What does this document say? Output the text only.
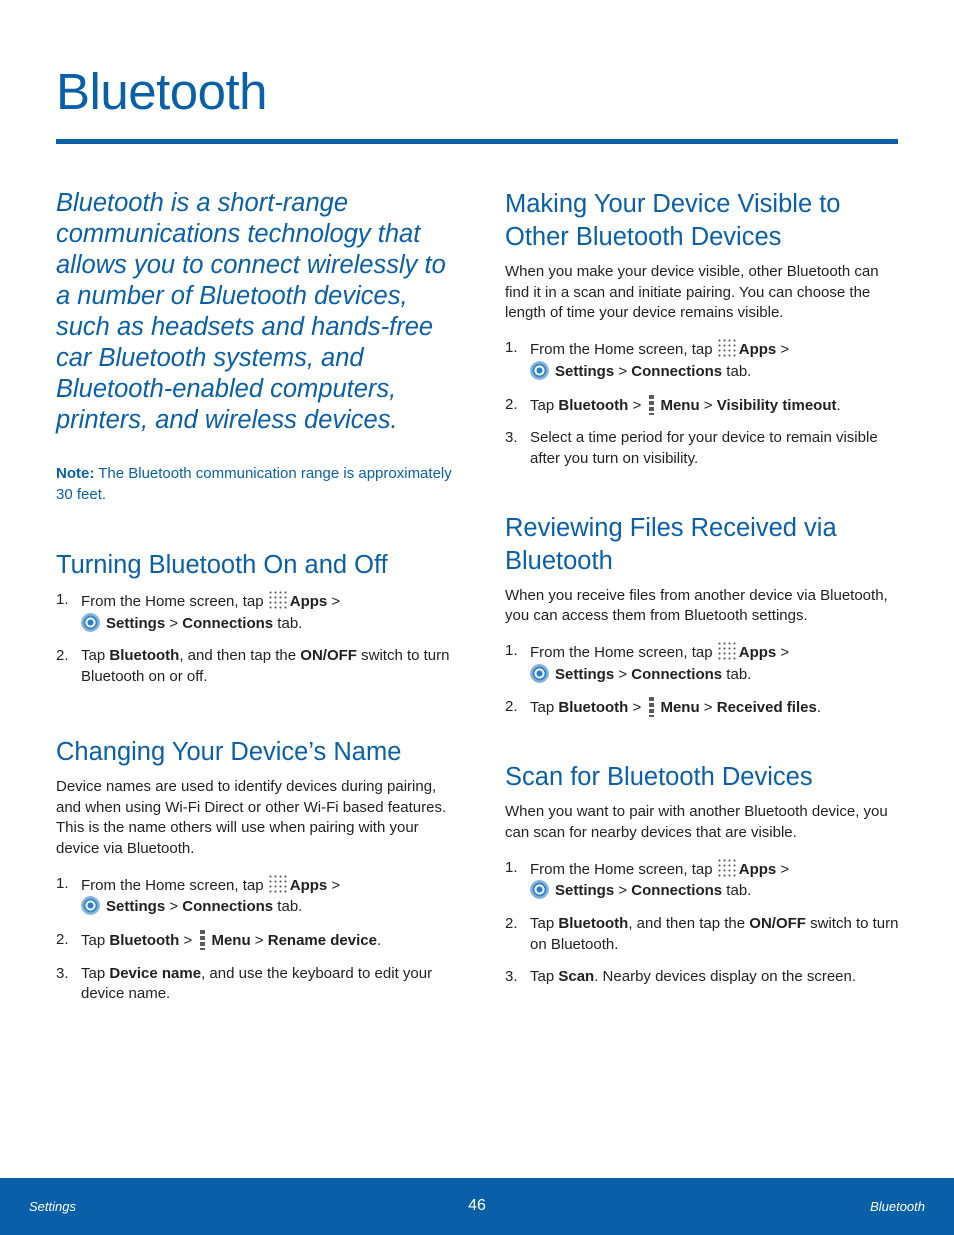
Bluetooth

Bluetooth is a short-range communications technology that allows you to connect wirelessly to a number of Bluetooth devices, such as headsets and hands-free car Bluetooth systems, and Bluetooth-enabled computers, printers, and wireless devices.

Note: The Bluetooth communication range is approximately 30 feet.

Turning Bluetooth On and Off
1. From the Home screen, tap Apps >
Settings > Connections tab.
2. Tap Bluetooth, and then tap the ON/OFF switch to turn Bluetooth on or off.
Changing Your Device’s Name

Device names are used to identify devices during pairing, and when using Wi-Fi Direct or other Wi-Fi based features. This is the name others will use when pairing with your device via Bluetooth.

1. From the Home screen, tap Apps >
Settings > Connections tab.
2. Tap Bluetooth > Menu > Rename device.
3. Tap Device name, and use the keyboard to edit your device name.
Making Your Device Visible to Other Bluetooth Devices

When you make your device visible, other Bluetooth can find it in a scan and initiate pairing. You can choose the length of time your device remains visible.

1. From the Home screen, tap Apps >
Settings > Connections tab.
2. Tap Bluetooth > Menu > Visibility timeout.
3. Select a time period for your device to remain visible after you turn on visibility.
Reviewing Files Received via Bluetooth

When you receive files from another device via Bluetooth, you can access them from Bluetooth settings.

1. From the Home screen, tap Apps >
Settings > Connections tab.
2. Tap Bluetooth > Menu > Received files.
Scan for Bluetooth Devices

When you want to pair with another Bluetooth device, you can scan for nearby devices that are visible.

1. From the Home screen, tap Apps >
Settings > Connections tab.
2. Tap Bluetooth, and then tap the ON/OFF switch to turn on Bluetooth.
3. Tap Scan. Nearby devices display on the screen.
Settings	46	Bluetooth
